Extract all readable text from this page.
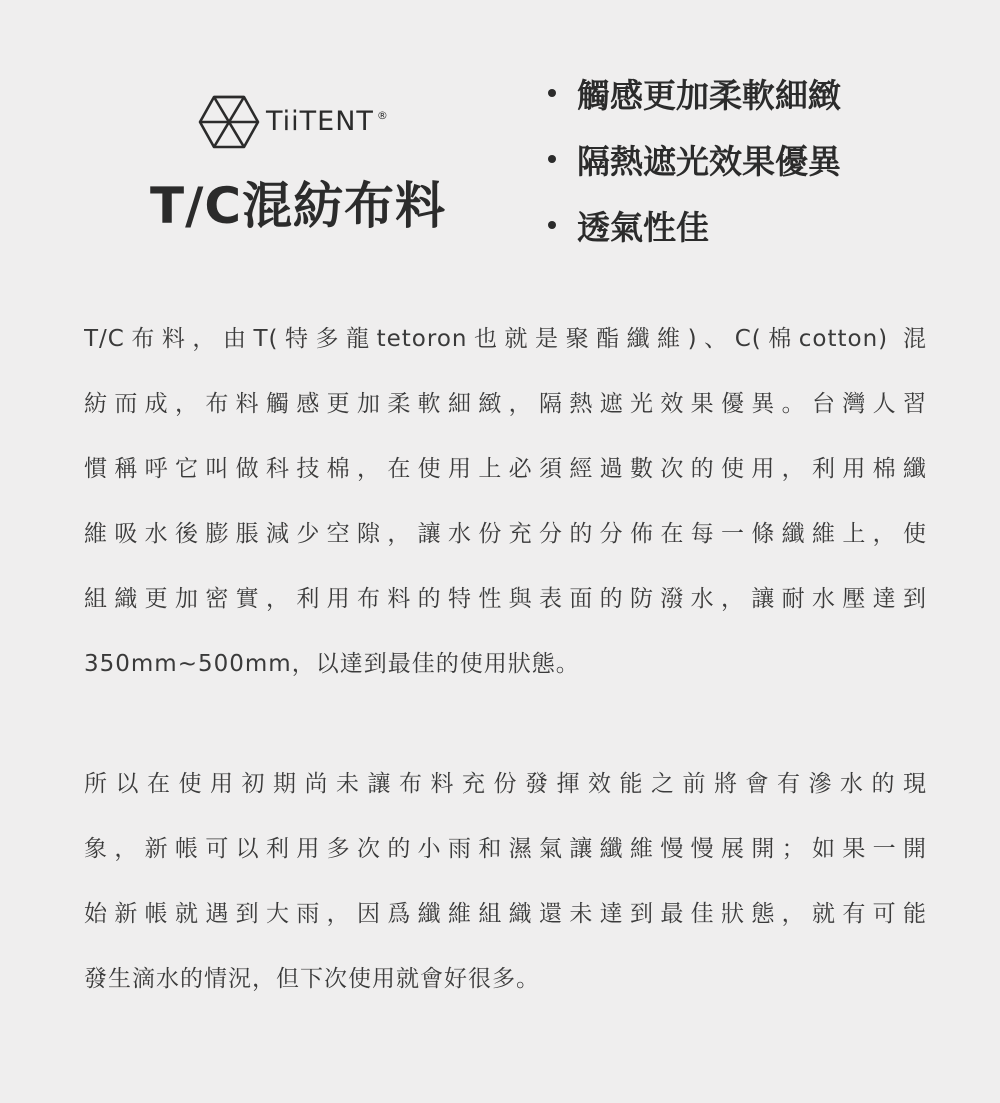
TiiTENT ®
T/C混紡布料
觸感更加柔軟細緻
隔熱遮光效果優異
透氣性佳
T/C布料，由T(特多龍tetoron也就是聚酯纖維)、C(棉cotton) 混
紡而成，布料觸感更加柔軟細緻，隔熱遮光效果優異。台灣人習
慣稱呼它叫做科技棉，在使用上必須經過數次的使用，利用棉纖
維吸水後膨脹減少空隙，讓水份充分的分佈在每一條纖維上，使
組織更加密實，利用布料的特性與表面的防潑水，讓耐水壓達到
350mm~500mm，以達到最佳的使用狀態。
所以在使用初期尚未讓布料充份發揮效能之前將會有滲水的現
象，新帳可以利用多次的小雨和濕氣讓纖維慢慢展開；如果一開
始新帳就遇到大雨，因爲纖維組織還未達到最佳狀態，就有可能
發生滴水的情況，但下次使用就會好很多。
